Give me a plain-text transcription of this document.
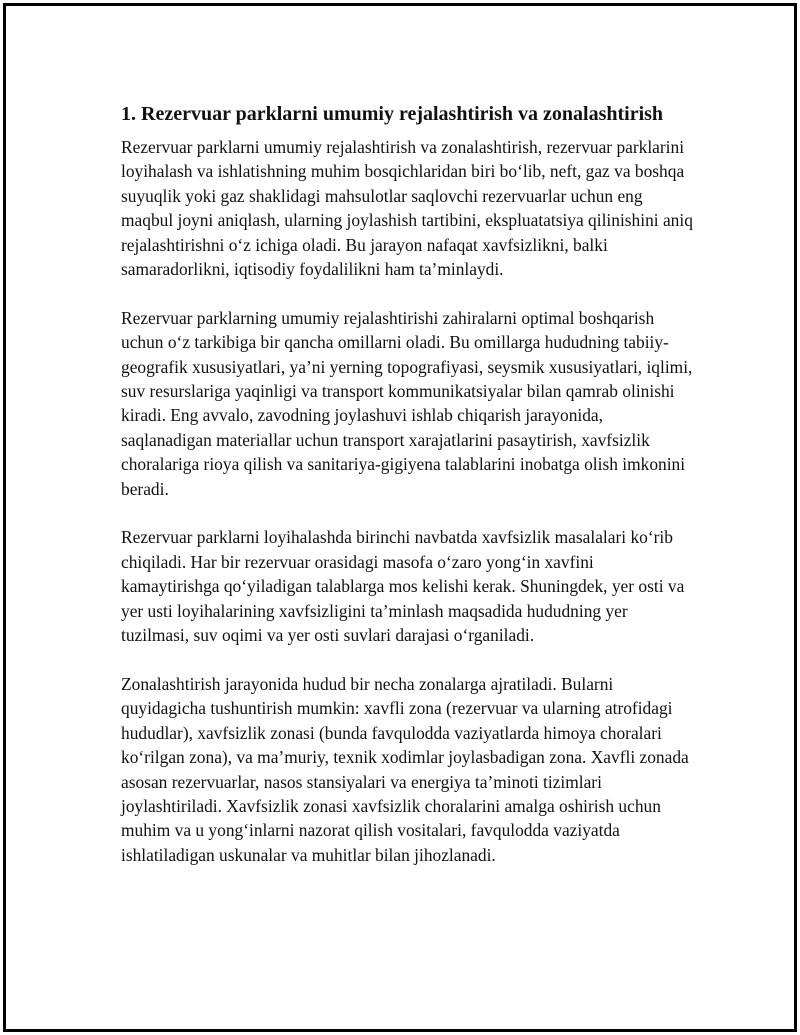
1. Rezervuar parklarni umumiy rejalashtirish va zonalashtirish

Rezervuar parklarni umumiy rejalashtirish va zonalashtirish, rezervuar parklarini loyihalash va ishlatishning muhim bosqichlaridan biri bo‘lib, neft, gaz va boshqa suyuqlik yoki gaz shaklidagi mahsulotlar saqlovchi rezervuarlar uchun eng maqbul joyni aniqlash, ularning joylashish tartibini, ekspluatatsiya qilinishini aniq rejalashtirishni o‘z ichiga oladi. Bu jarayon nafaqat xavfsizlikni, balki samaradorlikni, iqtisodiy foydalilikni ham ta’minlaydi.

Rezervuar parklarning umumiy rejalashtirishi zahiralarni optimal boshqarish uchun o‘z tarkibiga bir qancha omillarni oladi. Bu omillarga hududning tabiiy-geografik xususiyatlari, ya’ni yerning topografiyasi, seysmik xususiyatlari, iqlimi, suv resurslariga yaqinligi va transport kommunikatsiyalar bilan qamrab olinishi kiradi. Eng avvalo, zavodning joylashuvi ishlab chiqarish jarayonida, saqlanadigan materiallar uchun transport xarajatlarini pasaytirish, xavfsizlik choralariga rioya qilish va sanitariya-gigiyena talablarini inobatga olish imkonini beradi.

Rezervuar parklarni loyihalashda birinchi navbatda xavfsizlik masalalari ko‘rib chiqiladi. Har bir rezervuar orasidagi masofa o‘zaro yong‘in xavfini kamaytirishga qo‘yiladigan talablarga mos kelishi kerak. Shuningdek, yer osti va yer usti loyihalarining xavfsizligini ta’minlash maqsadida hududning yer tuzilmasi, suv oqimi va yer osti suvlari darajasi o‘rganiladi.

Zonalashtirish jarayonida hudud bir necha zonalarga ajratiladi. Bularni quyidagicha tushuntirish mumkin: xavfli zona (rezervuar va ularning atrofidagi hududlar), xavfsizlik zonasi (bunda favqulodda vaziyatlarda himoya choralari ko‘rilgan zona), va ma’muriy, texnik xodimlar joylasbadigan zona. Xavfli zonada asosan rezervuarlar, nasos stansiyalari va energiya ta’minoti tizimlari joylashtiriladi. Xavfsizlik zonasi xavfsizlik choralarini amalga oshirish uchun muhim va u yong‘inlarni nazorat qilish vositalari, favqulodda vaziyatda ishlatiladigan uskunalar va muhitlar bilan jihozlanadi.
